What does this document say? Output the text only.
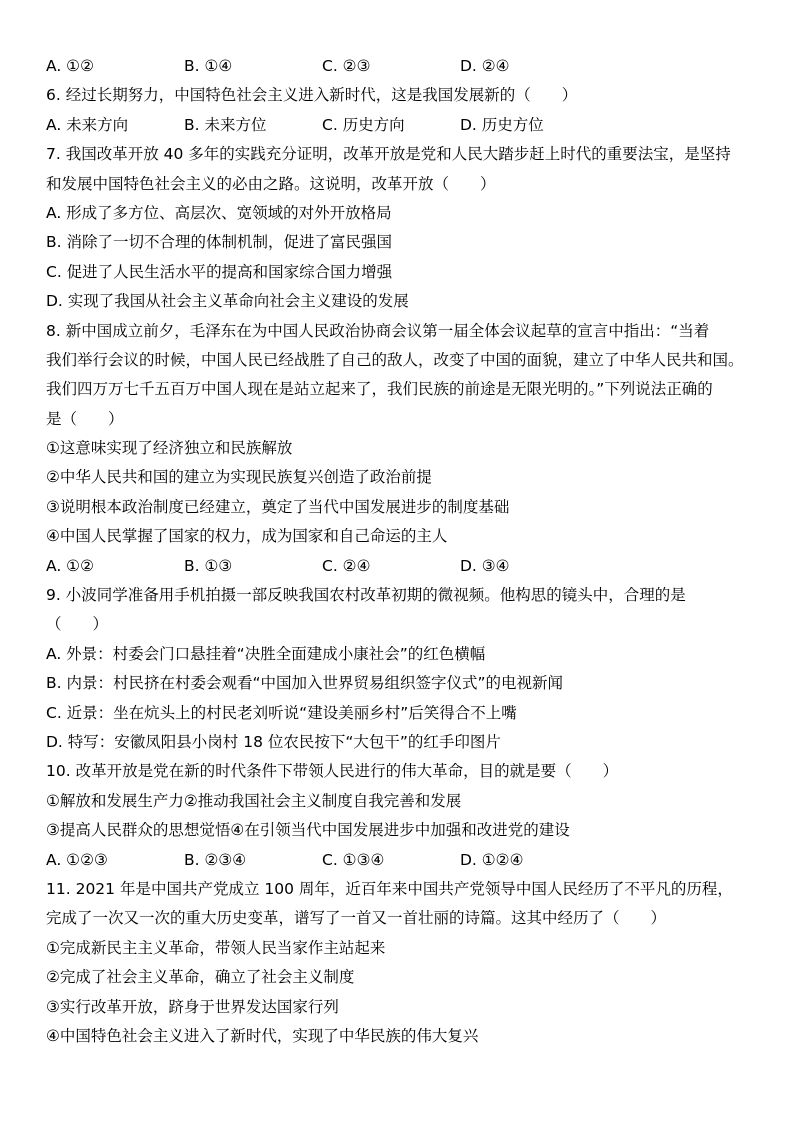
A. ①②	B. ①④	C. ②③	D. ②④
6. 经过长期努力，中国特色社会主义进入新时代，这是我国发展新的（　　）
A. 未来方向	B. 未来方位	C. 历史方向	D. 历史方位
7. 我国改革开放 40 多年的实践充分证明，改革开放是党和人民大踏步赶上时代的重要法宝，是坚持
和发展中国特色社会主义的必由之路。这说明，改革开放（　　）
A. 形成了多方位、高层次、宽领域的对外开放格局
B. 消除了一切不合理的体制机制，促进了富民强国
C. 促进了人民生活水平的提高和国家综合国力增强
D. 实现了我国从社会主义革命向社会主义建设的发展
8. 新中国成立前夕，毛泽东在为中国人民政治协商会议第一届全体会议起草的宣言中指出：“当着
我们举行会议的时候，中国人民已经战胜了自己的敌人，改变了中国的面貌，建立了中华人民共和国。
我们四万万七千五百万中国人现在是站立起来了，我们民族的前途是无限光明的。”下列说法正确的
是（　　）
①这意味实现了经济独立和民族解放
②中华人民共和国的建立为实现民族复兴创造了政治前提
③说明根本政治制度已经建立，奠定了当代中国发展进步的制度基础
④中国人民掌握了国家的权力，成为国家和自己命运的主人
A. ①②	B. ①③	C. ②④	D. ③④
9. 小波同学准备用手机拍摄一部反映我国农村改革初期的微视频。他构思的镜头中，合理的是
（　　）
A. 外景：村委会门口悬挂着“决胜全面建成小康社会”的红色横幅
B. 内景：村民挤在村委会观看“中国加入世界贸易组织签字仪式”的电视新闻
C. 近景：坐在炕头上的村民老刘听说“建设美丽乡村”后笑得合不上嘴
D. 特写：安徽凤阳县小岗村 18 位农民按下“大包干”的红手印图片
10. 改革开放是党在新的时代条件下带领人民进行的伟大革命，目的就是要（　　）
①解放和发展生产力②推动我国社会主义制度自我完善和发展
③提高人民群众的思想觉悟④在引领当代中国发展进步中加强和改进党的建设
A. ①②③	B. ②③④	C. ①③④	D. ①②④
11. 2021 年是中国共产党成立 100 周年，近百年来中国共产党领导中国人民经历了不平凡的历程，
完成了一次又一次的重大历史变革，谱写了一首又一首壮丽的诗篇。这其中经历了（　　）
①完成新民主主义革命，带领人民当家作主站起来
②完成了社会主义革命，确立了社会主义制度
③实行改革开放，跻身于世界发达国家行列
④中国特色社会主义进入了新时代，实现了中华民族的伟大复兴
